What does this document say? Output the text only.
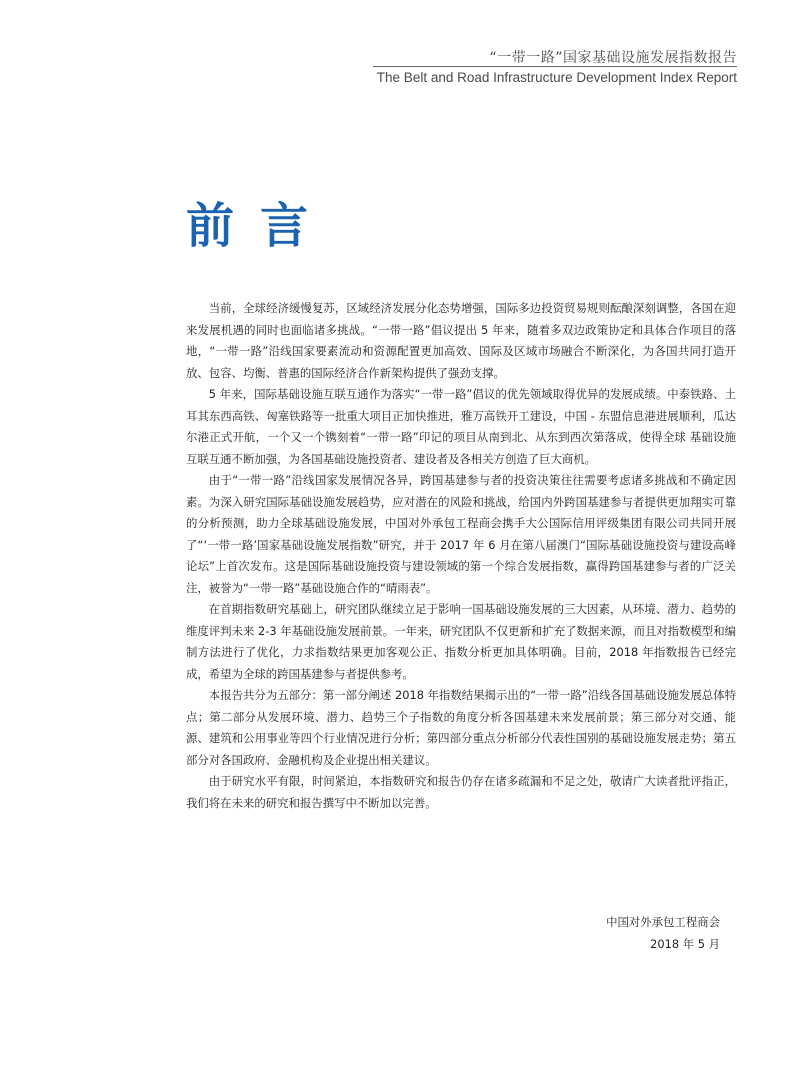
“一带一路”国家基础设施发展指数报告
The Belt and Road Infrastructure Development Index Report
前言

当前，全球经济缓慢复苏，区域经济发展分化态势增强，国际多边投资贸易规则酝酿深刻调整，各国在迎来发展机遇的同时也面临诸多挑战。“一带一路”倡议提出 5 年来，随着多双边政策协定和具体合作项目的落地，“一带一路”沿线国家要素流动和资源配置更加高效、国际及区域市场融合不断深化，为各国共同打造开放、包容、均衡、普惠的国际经济合作新架构提供了强劲支撑。

5 年来，国际基础设施互联互通作为落实“一带一路”倡议的优先领域取得优异的发展成绩。中泰铁路、土耳其东西高铁、匈塞铁路等一批重大项目正加快推进，雅万高铁开工建设，中国 - 东盟信息港进展顺利，瓜达尔港正式开航，一个又一个镌刻着“一带一路”印记的项目从南到北、从东到西次第落成，使得全球 基础设施互联互通不断加强，为各国基础设施投资者、建设者及各相关方创造了巨大商机。

由于“一带一路”沿线国家发展情况各异，跨国基建参与者的投资决策往往需要考虑诸多挑战和不确定因素。为深入研究国际基础设施发展趋势，应对潜在的风险和挑战，给国内外跨国基建参与者提供更加翔实可靠的分析预测，助力全球基础设施发展，中国对外承包工程商会携手大公国际信用评级集团有限公司共同开展了“‘一带一路’国家基础设施发展指数”研究，并于 2017 年 6 月在第八届澳门“国际基础设施投资与建设高峰论坛”上首次发布。这是国际基础设施投资与建设领域的第一个综合发展指数，赢得跨国基建参与者的广泛关注，被誉为“一带一路”基础设施合作的“晴雨表”。

在首期指数研究基础上，研究团队继续立足于影响一国基础设施发展的三大因素，从环境、潜力、趋势的维度评判未来 2-3 年基础设施发展前景。一年来，研究团队不仅更新和扩充了数据来源，而且对指数模型和编制方法进行了优化，力求指数结果更加客观公正、指数分析更加具体明确。目前，2018 年指数报告已经完成，希望为全球的跨国基建参与者提供参考。

本报告共分为五部分：第一部分阐述 2018 年指数结果揭示出的“一带一路”沿线各国基础设施发展总体特点；第二部分从发展环境、潜力、趋势三个子指数的角度分析各国基建未来发展前景；第三部分对交通、能源、建筑和公用事业等四个行业情况进行分析；第四部分重点分析部分代表性国别的基础设施发展走势；第五部分对各国政府、金融机构及企业提出相关建议。

由于研究水平有限，时间紧迫，本指数研究和报告仍存在诸多疏漏和不足之处，敬请广大读者批评指正，我们将在未来的研究和报告撰写中不断加以完善。

中国对外承包工程商会
2018 年 5 月
